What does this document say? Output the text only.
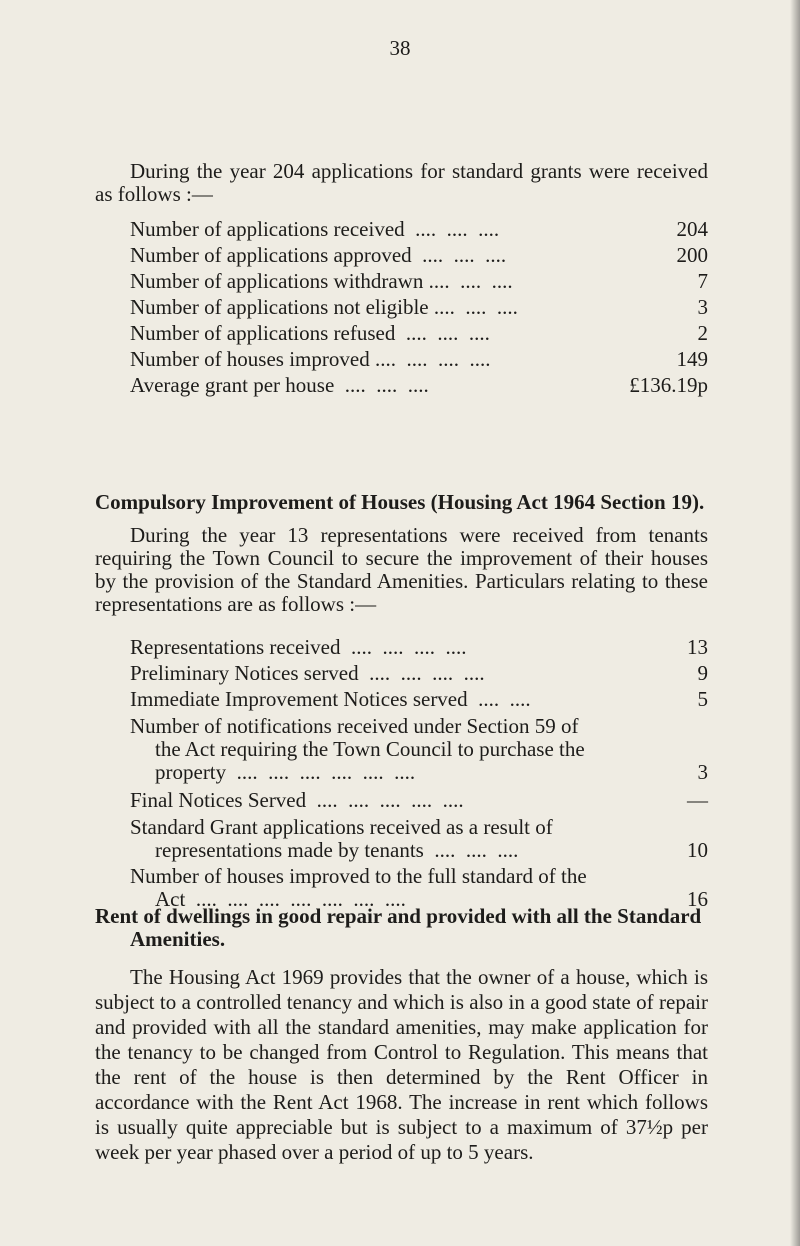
38

During the year 204 applications for standard grants were received as follows :—

Number of applications received  ....  ....  ....	204
Number of applications approved  ....  ....  ....	200
Number of applications withdrawn ....  ....  ....	7
Number of applications not eligible ....  ....  ....	3
Number of applications refused  ....  ....  ....	2
Number of houses improved ....  ....  ....  ....	149
Average grant per house  ....  ....  ....	£136.19p
Compulsory Improvement of Houses (Housing Act 1964 Section 19).

During the year 13 representations were received from tenants requiring the Town Council to secure the improvement of their houses by the provision of the Standard Amenities. Particulars relating to these representations are as follows :—

Representations received  ....  ....  ....  ....	13
Preliminary Notices served  ....  ....  ....  ....	9
Immediate Improvement Notices served  ....  ....	5
Number of notifications received under Section 59 of
the Act requiring the Town Council to purchase the
property  ....  ....  ....  ....  ....  ....	3
Final Notices Served  ....  ....  ....  ....  ....	—
Standard Grant applications received as a result of
representations made by tenants  ....  ....  ....	10
Number of houses improved to the full standard of the
Act  ....  ....  ....  ....  ....  ....  ....	16
Rent of dwellings in good repair and provided with all the Standard
Amenities.

The Housing Act 1969 provides that the owner of a house, which is subject to a controlled tenancy and which is also in a good state of repair and provided with all the standard amenities, may make application for the tenancy to be changed from Control to Regulation. This means that the rent of the house is then determined by the Rent Officer in accordance with the Rent Act 1968. The increase in rent which follows is usually quite appreciable but is subject to a maximum of 37½p per week per year phased over a period of up to 5 years.
